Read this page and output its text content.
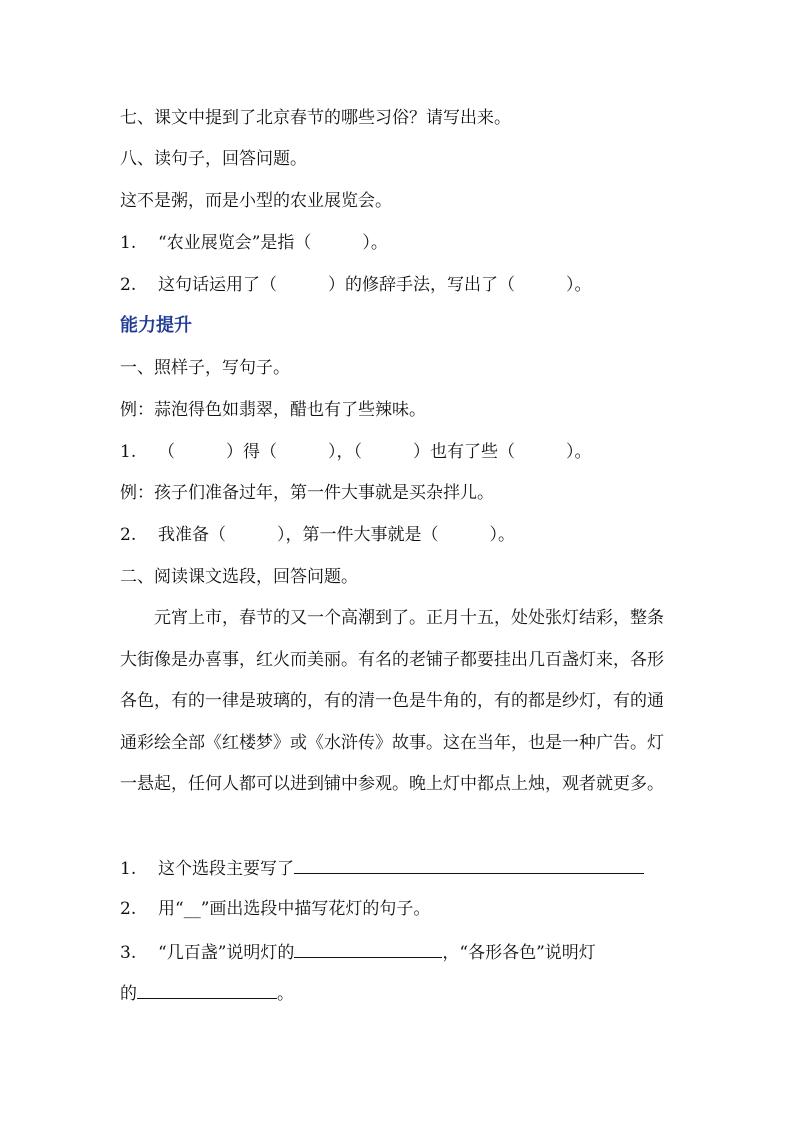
七、课文中提到了北京春节的哪些习俗？请写出来。
八、读句子，回答问题。
这不是粥，而是小型的农业展览会。
1. “农业展览会”是指（　　　）。
2. 这句话运用了（　　　）的修辞手法，写出了（　　　）。
能力提升
一、照样子，写句子。
例：蒜泡得色如翡翠，醋也有了些辣味。
1. （　　　）得（　　　），（　　　）也有了些（　　　）。
例：孩子们准备过年，第一件大事就是买杂拌儿。
2. 我准备（　　　），第一件大事就是（　　　）。
二、阅读课文选段，回答问题。
元宵上市，春节的又一个高潮到了。正月十五，处处张灯结彩，整条大街像是办喜事，红火而美丽。有名的老铺子都要挂出几百盏灯来，各形各色，有的一律是玻璃的，有的清一色是牛角的，有的都是纱灯，有的通通彩绘全部《红楼梦》或《水浒传》故事。这在当年，也是一种广告。灯一悬起，任何人都可以进到铺中参观。晚上灯中都点上烛，观者就更多。
1. 这个选段主要写了
2. 用“__”画出选段中描写花灯的句子。
3. “几百盏”说明灯的	，“各形各色”说明灯
的	。
